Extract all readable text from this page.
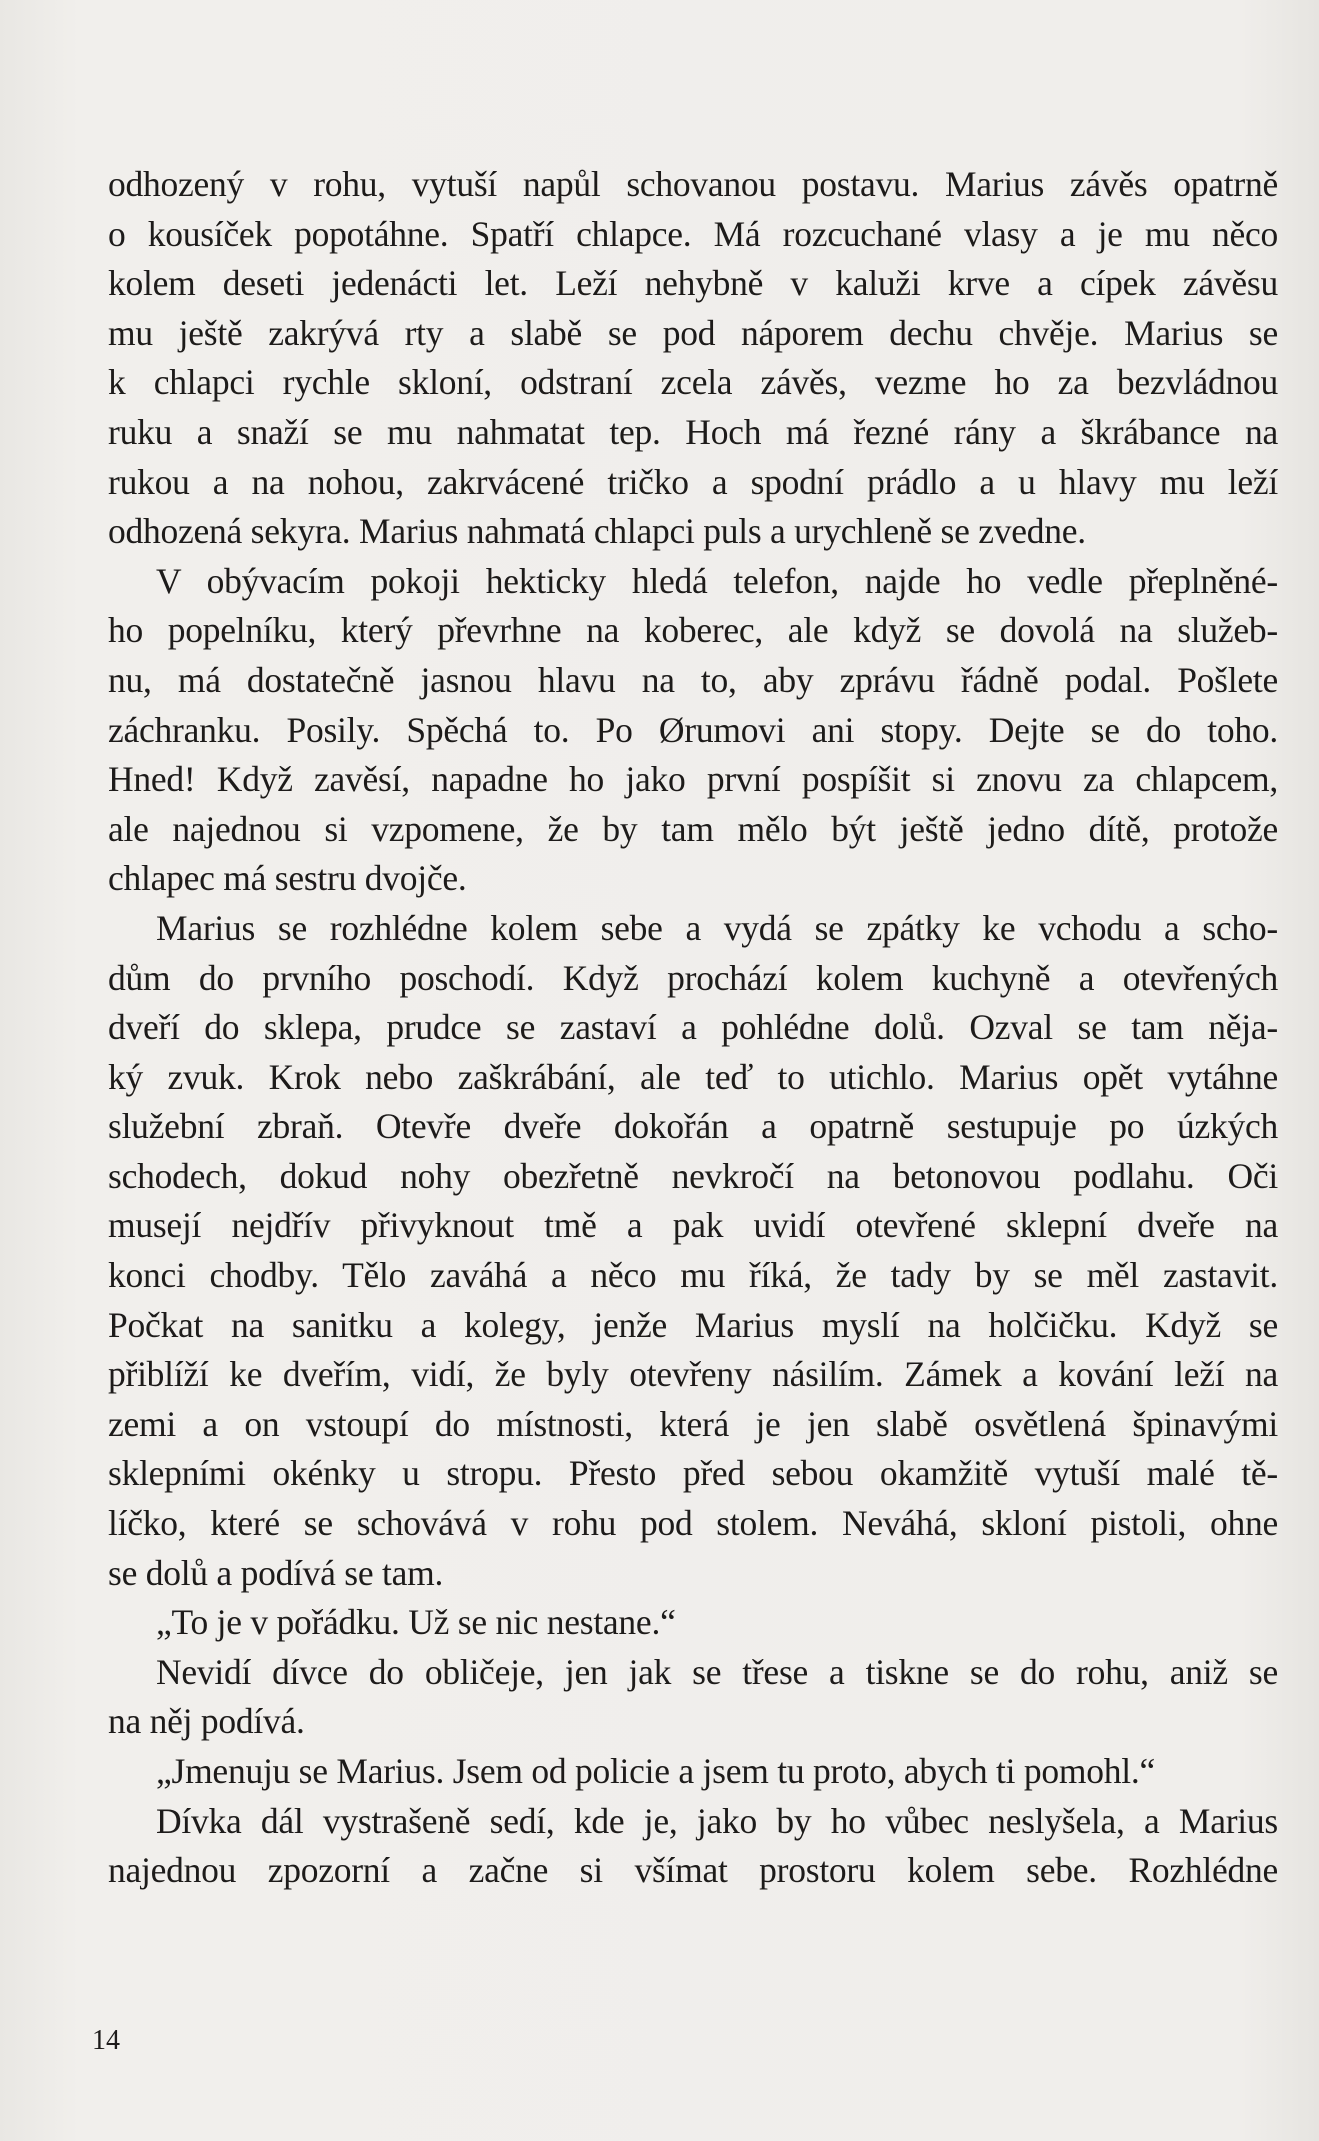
odhozený v rohu, vytuší napůl schovanou postavu. Marius závěs opatrně
o kousíček popotáhne. Spatří chlapce. Má rozcuchané vlasy a je mu něco
kolem deseti jedenácti let. Leží nehybně v kaluži krve a cípek závěsu
mu ještě zakrývá rty a slabě se pod náporem dechu chvěje. Marius se
k chlapci rychle skloní, odstraní zcela závěs, vezme ho za bezvládnou
ruku a snaží se mu nahmatat tep. Hoch má řezné rány a škrábance na
rukou a na nohou, zakrvácené tričko a spodní prádlo a u hlavy mu leží
odhozená sekyra. Marius nahmatá chlapci puls a urychleně se zvedne.
V obývacím pokoji hekticky hledá telefon, najde ho vedle přeplněné-
ho popelníku, který převrhne na koberec, ale když se dovolá na služeb-
nu, má dostatečně jasnou hlavu na to, aby zprávu řádně podal. Pošlete
záchranku. Posily. Spěchá to. Po Ørumovi ani stopy. Dejte se do toho.
Hned! Když zavěsí, napadne ho jako první pospíšit si znovu za chlapcem,
ale najednou si vzpomene, že by tam mělo být ještě jedno dítě, protože
chlapec má sestru dvojče.
Marius se rozhlédne kolem sebe a vydá se zpátky ke vchodu a scho-
dům do prvního poschodí. Když prochází kolem kuchyně a otevřených
dveří do sklepa, prudce se zastaví a pohlédne dolů. Ozval se tam něja-
ký zvuk. Krok nebo zaškrábání, ale teď to utichlo. Marius opět vytáhne
služební zbraň. Otevře dveře dokořán a opatrně sestupuje po úzkých
schodech, dokud nohy obezřetně nevkročí na betonovou podlahu. Oči
musejí nejdřív přivyknout tmě a pak uvidí otevřené sklepní dveře na
konci chodby. Tělo zaváhá a něco mu říká, že tady by se měl zastavit.
Počkat na sanitku a kolegy, jenže Marius myslí na holčičku. Když se
přiblíží ke dveřím, vidí, že byly otevřeny násilím. Zámek a kování leží na
zemi a on vstoupí do místnosti, která je jen slabě osvětlená špinavými
sklepními okénky u stropu. Přesto před sebou okamžitě vytuší malé tě-
líčko, které se schovává v rohu pod stolem. Neváhá, skloní pistoli, ohne
se dolů a podívá se tam.
„To je v pořádku. Už se nic nestane.“
Nevidí dívce do obličeje, jen jak se třese a tiskne se do rohu, aniž se
na něj podívá.
„Jmenuju se Marius. Jsem od policie a jsem tu proto, abych ti pomohl.“
Dívka dál vystrašeně sedí, kde je, jako by ho vůbec neslyšela, a Marius
najednou zpozorní a začne si všímat prostoru kolem sebe. Rozhlédne
14
